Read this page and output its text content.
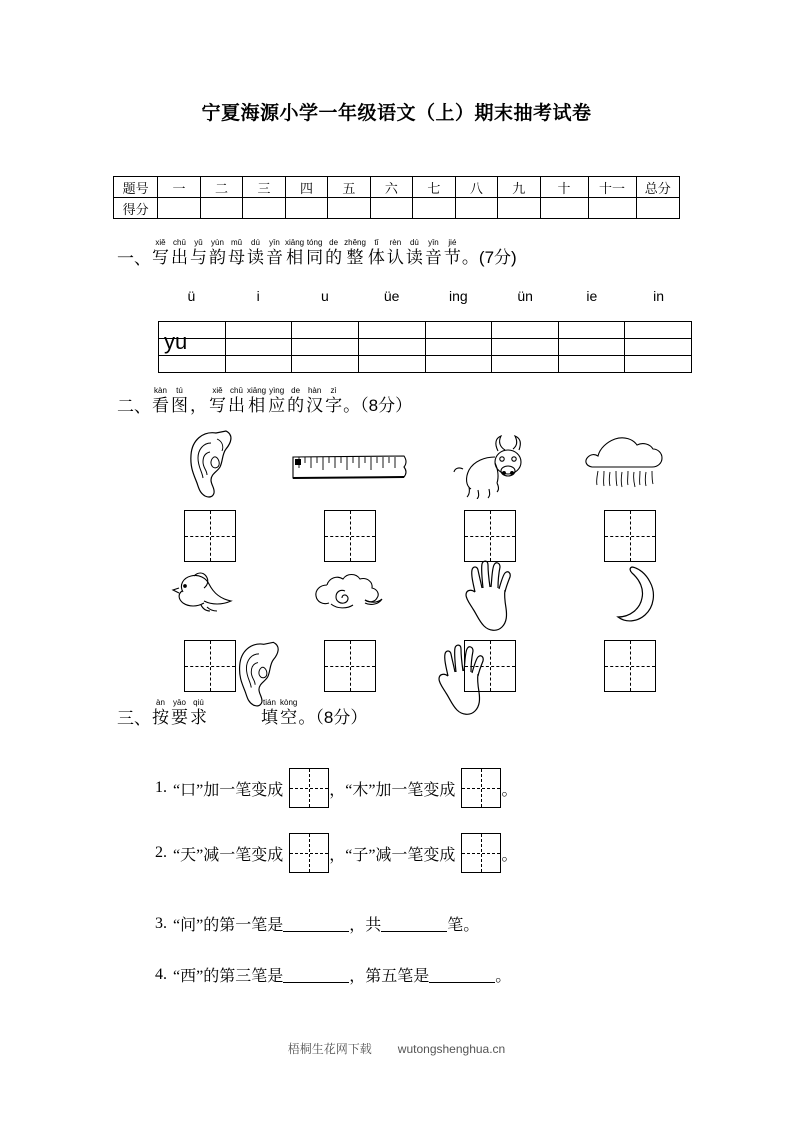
宁夏海源小学一年级语文（上）期末抽考试卷
题号	一	二	三	四	五	六	七	八	九	十	十一	总分
得分												
一、
xiě
写
chū
出
yǔ
与
yùn
韵
mǔ
母
dú
读
yīn
音
xiāng
相
tóng
同
de
的
zhěng
整
tǐ
体
rèn
认
dú
读
yīn
音
jié
节 。(7分)
ü	i	u	üe	ing	ün	ie	in
yu
二、
kàn
看
tú
图 ，
xiě
写
chū
出
xiāng
相
yìng
应
de
的
hàn
汉
zì
字 。（8分）
三、
àn
按
yāo
要
qiú
求
tián
填
kòng
空 。（8分）
1. “口”加一笔变成	，“木”加一笔变成	。
2. “天”减一笔变成	，“子”减一笔变成	。
3. “问”的第一笔是	，共	笔。
4. “西”的第三笔是	，第五笔是	。
梧桐生花网下载 wutongshenghua.cn
